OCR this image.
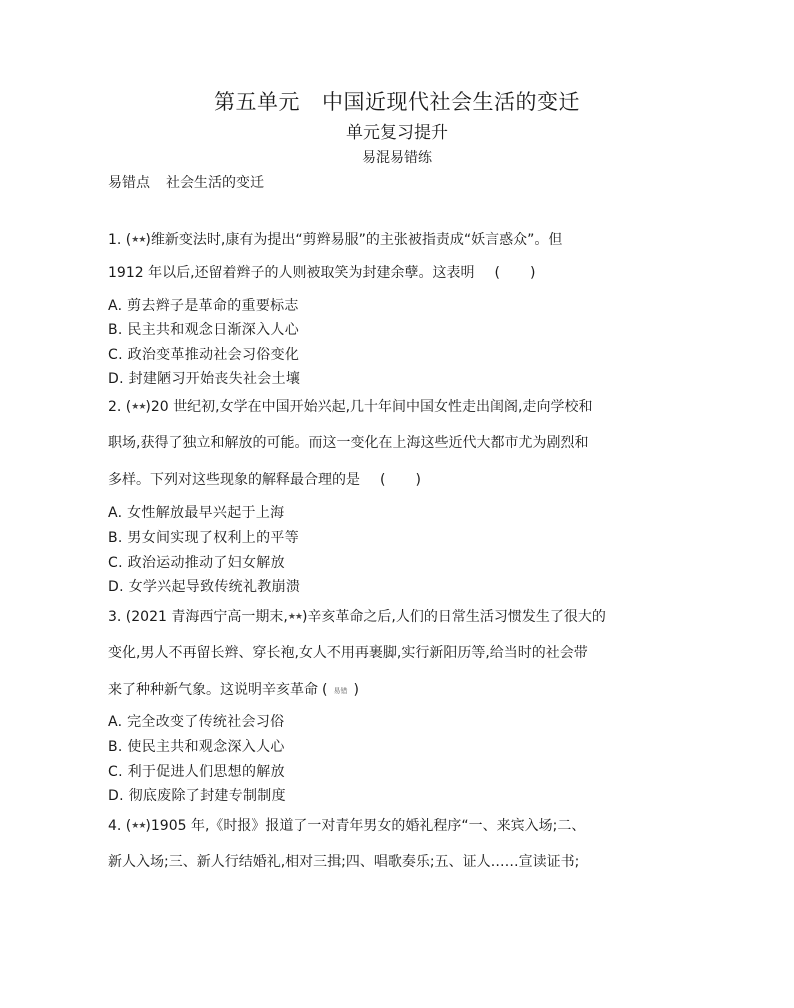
第五单元 中国近现代社会生活的变迁
单元复习提升
易混易错练
易错点 社会生活的变迁
1. (★★)维新变法时,康有为提出“剪辫易服”的主张被指责成“妖言惑众”。但
1912 年以后,还留着辫子的人则被取笑为封建余孽。这表明 ( )
A. 剪去辫子是革命的重要标志
B. 民主共和观念日渐深入人心
C. 政治变革推动社会习俗变化
D. 封建陋习开始丧失社会土壤
2. (★★)20 世纪初,女学在中国开始兴起,几十年间中国女性走出闺阁,走向学校和
职场,获得了独立和解放的可能。而这一变化在上海这些近代大都市尤为剧烈和
多样。下列对这些现象的解释最合理的是 ( )
A. 女性解放最早兴起于上海
B. 男女间实现了权利上的平等
C. 政治运动推动了妇女解放
D. 女学兴起导致传统礼教崩溃
3. (2021 青海西宁高一期末,★★)辛亥革命之后,人们的日常生活习惯发生了很大的
变化,男人不再留长辫、穿长袍,女人不用再裹脚,实行新阳历等,给当时的社会带
来了种种新气象。这说明辛亥革命 ( 易错 )
A. 完全改变了传统社会习俗
B. 使民主共和观念深入人心
C. 利于促进人们思想的解放
D. 彻底废除了封建专制制度
4. (★★)1905 年,《时报》报道了一对青年男女的婚礼程序“一、来宾入场;二、
新人入场;三、新人行结婚礼,相对三揖;四、唱歌奏乐;五、证人……宣读证书;
